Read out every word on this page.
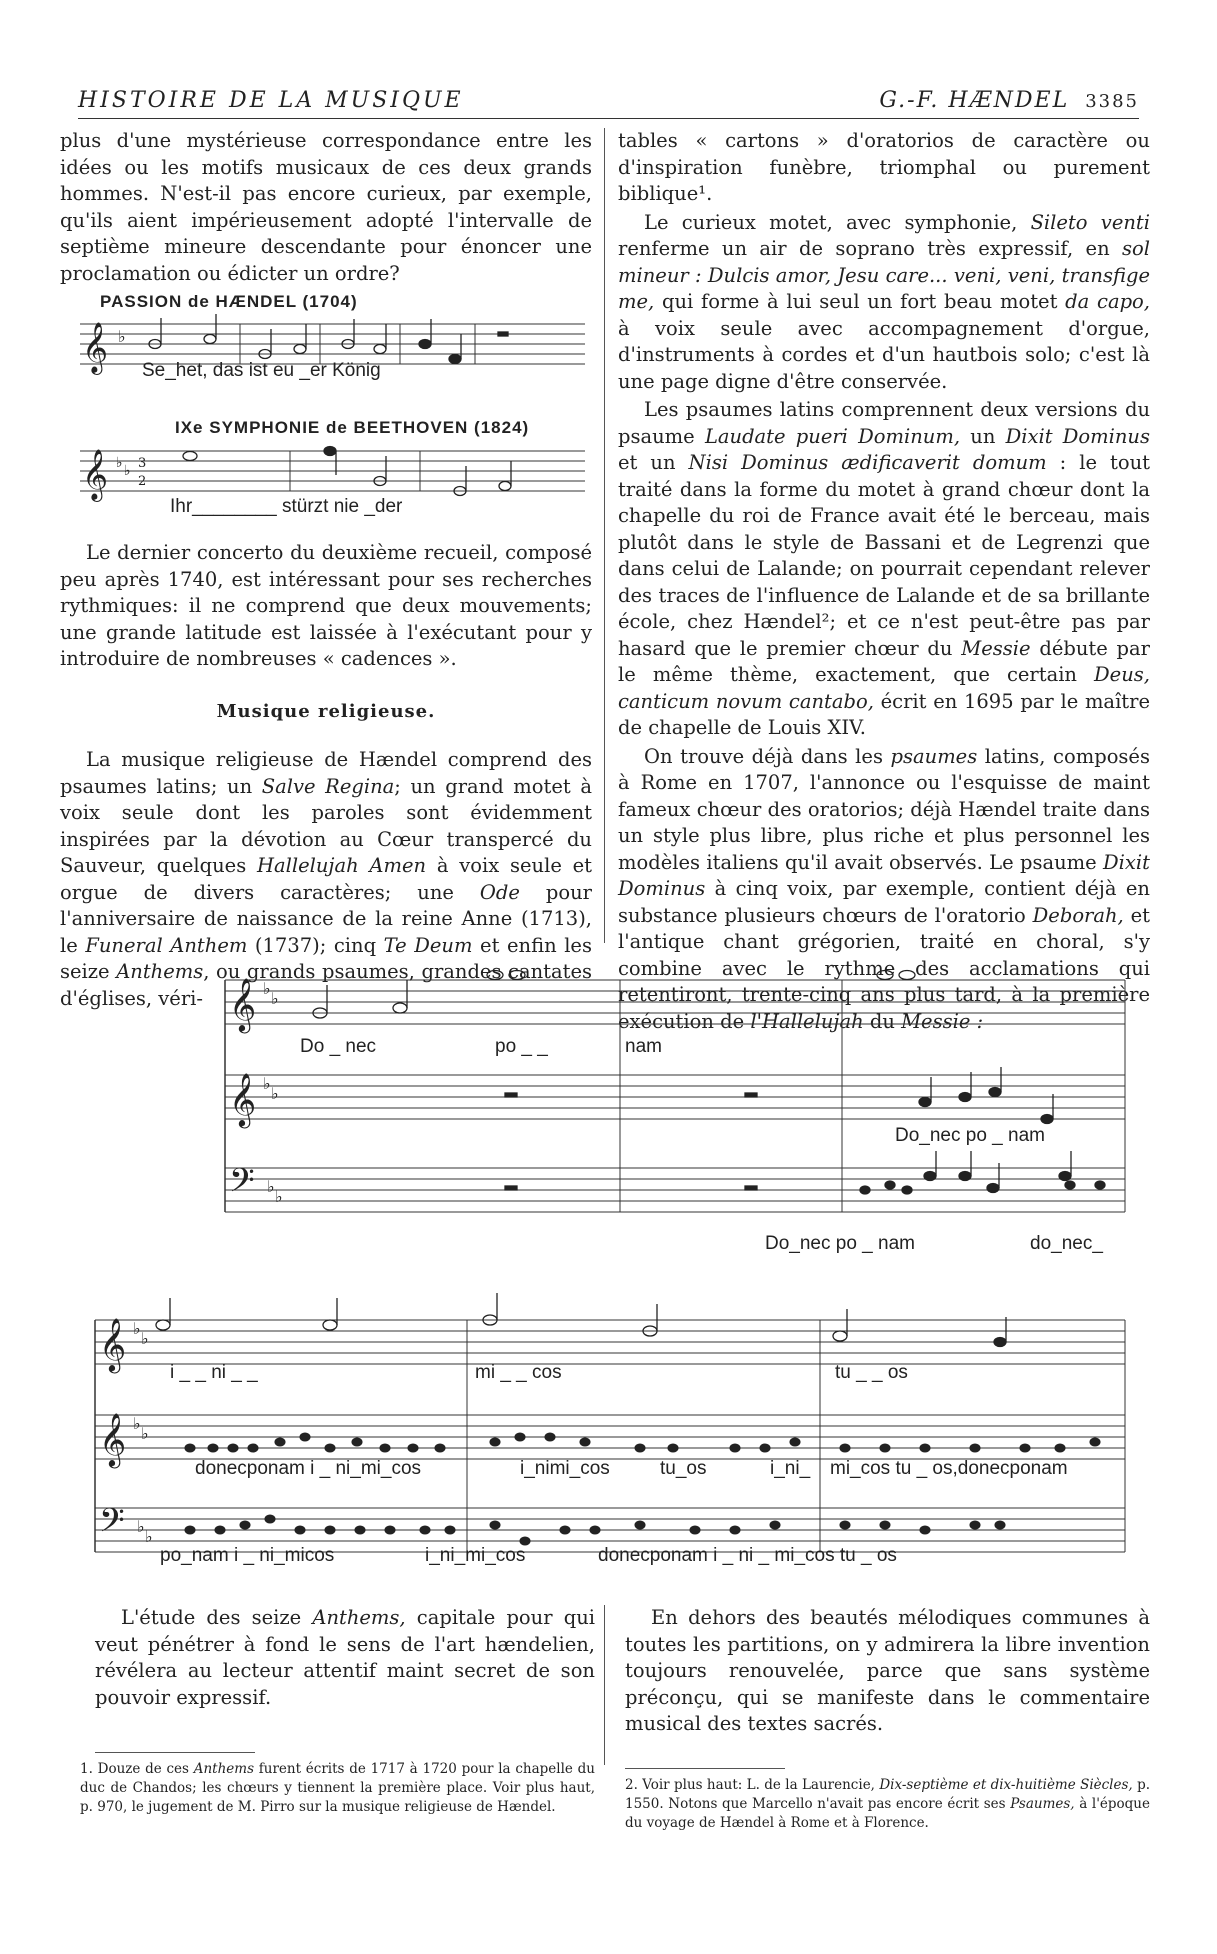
HISTOIRE DE LA MUSIQUE	G.-F. HÆNDEL 3385

plus d'une mystérieuse correspondance entre les idées ou les motifs musicaux de ces deux grands hommes. N'est-il pas encore curieux, par exemple, qu'ils aient impérieusement adopté l'intervalle de septième mineure descendante pour énoncer une proclamation ou édicter un ordre?

PASSION de HÆNDEL (1704)
𝄞 ♭
Se_het, das ist eu _er König
IXe SYMPHONIE de BEETHOVEN (1824)
𝄞 ♭ ♭ 3
2
Ihr________ stürzt nie _der

Le dernier concerto du deuxième recueil, composé peu après 1740, est intéressant pour ses recherches rythmiques: il ne comprend que deux mouvements; une grande latitude est laissée à l'exécutant pour y introduire de nombreuses « cadences ».

Musique religieuse.

La musique religieuse de Hændel comprend des psaumes latins; un Salve Regina; un grand motet à voix seule dont les paroles sont évidemment inspirées par la dévotion au Cœur transpercé du Sauveur, quelques Hallelujah Amen à voix seule et orgue de divers caractères; une Ode pour l'anniversaire de naissance de la reine Anne (1713), le Funeral Anthem (1737); cinq Te Deum et enfin les seize Anthems, ou grands psaumes, grandes cantates d'églises, véri-

tables « cartons » d'oratorios de caractère ou d'inspiration funèbre, triomphal ou purement biblique¹.

Le curieux motet, avec symphonie, Sileto venti renferme un air de soprano très expressif, en sol mineur : Dulcis amor, Jesu care... veni, veni, transfige me, qui forme à lui seul un fort beau motet da capo, à voix seule avec accompagnement d'orgue, d'instruments à cordes et d'un hautbois solo; c'est là une page digne d'être conservée.

Les psaumes latins comprennent deux versions du psaume Laudate pueri Dominum, un Dixit Dominus et un Nisi Dominus ædificaverit domum : le tout traité dans la forme du motet à grand chœur dont la chapelle du roi de France avait été le berceau, mais plutôt dans le style de Bassani et de Legrenzi que dans celui de Lalande; on pourrait cependant relever des traces de l'influence de Lalande et de sa brillante école, chez Hændel²; et ce n'est peut-être pas par hasard que le premier chœur du Messie débute par le même thème, exactement, que certain Deus, canticum novum cantabo, écrit en 1695 par le maître de chapelle de Louis XIV.

On trouve déjà dans les psaumes latins, composés à Rome en 1707, l'annonce ou l'esquisse de maint fameux chœur des oratorios; déjà Hændel traite dans un style plus libre, plus riche et plus personnel les modèles italiens qu'il avait observés. Le psaume Dixit Dominus à cinq voix, par exemple, contient déjà en substance plusieurs chœurs de l'oratorio Deborah, et l'antique chant grégorien, traité en choral, s'y combine avec le rythme des acclamations qui retentiront, trente-cinq ans plus tard, à la première exécution de l'Hallelujah du Messie :

𝄞
𝄞
𝄢
♭
♭
♭
♭
♭
♭
Do _ nec	po _ _	nam
Do_nec po _ nam
Do_nec po _ nam	do_nec_
𝄞
𝄞
𝄢
♭
♭
♭
♭
♭
♭
i _ _ ni _ _	mi _ _ cos	tu _ _ os
donecponam i _ ni_mi_cos	i_nimi_cos	tu_os	i_ni_ mi_cos tu _ os,donecponam
po_nam i _ ni_micos	i_ni_mi_cos	donecponam i _ ni _ mi_cos tu _ os

L'étude des seize Anthems, capitale pour qui veut pénétrer à fond le sens de l'art hændelien, révélera au lecteur attentif maint secret de son pouvoir expressif.

En dehors des beautés mélodiques communes à toutes les partitions, on y admirera la libre invention toujours renouvelée, parce que sans système préconçu, qui se manifeste dans le commentaire musical des textes sacrés.

1. Douze de ces Anthems furent écrits de 1717 à 1720 pour la chapelle du duc de Chandos; les chœurs y tiennent la première place. Voir plus haut, p. 970, le jugement de M. Pirro sur la musique religieuse de Hændel.
2. Voir plus haut: L. de la Laurencie, Dix-septième et dix-huitième Siècles, p. 1550. Notons que Marcello n'avait pas encore écrit ses Psaumes, à l'époque du voyage de Hændel à Rome et à Florence.
